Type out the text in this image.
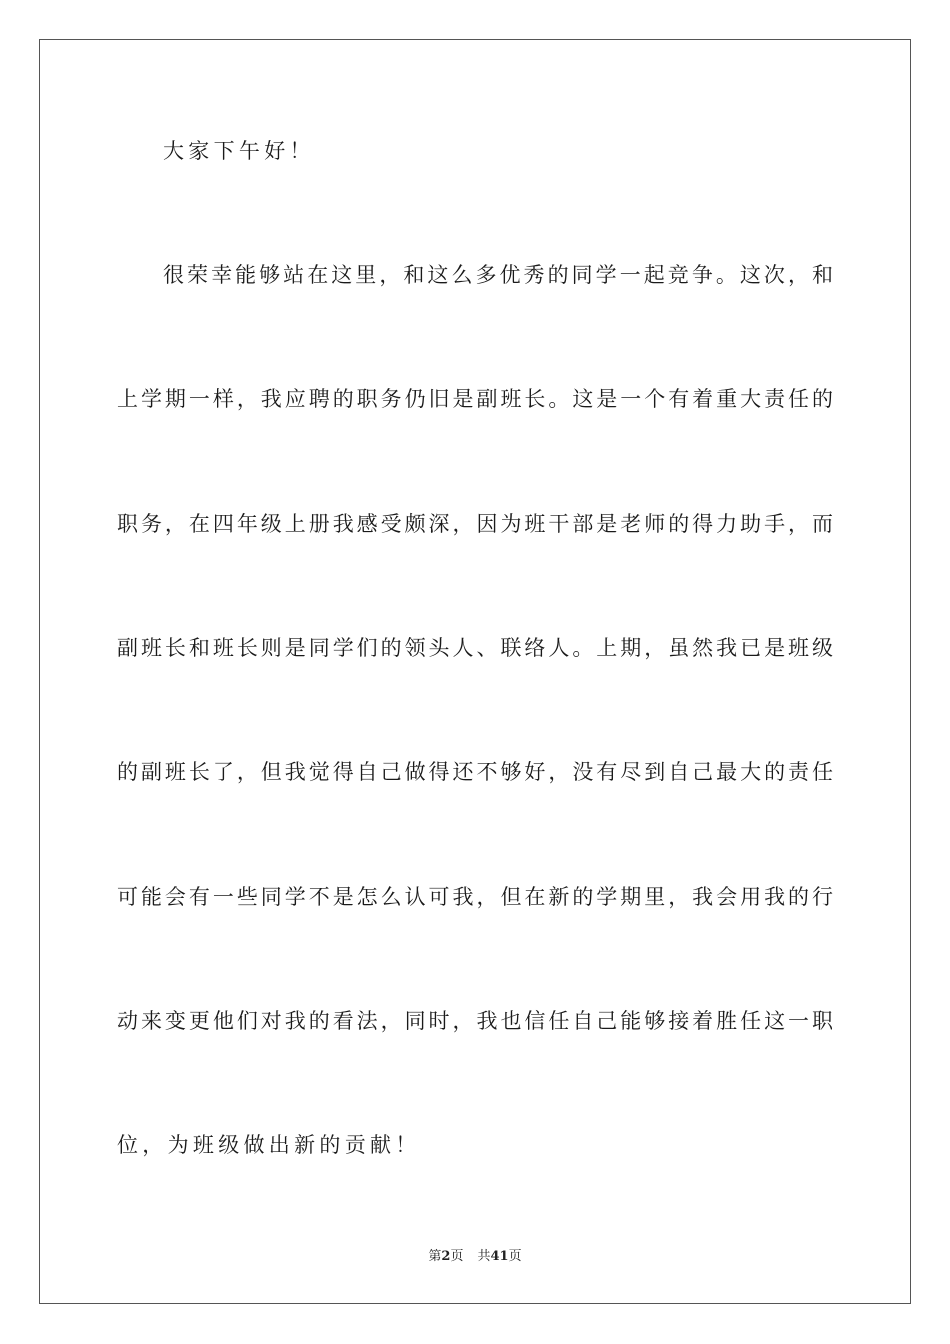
大家下午好！
很荣幸能够站在这里，和这么多优秀的同学一起竞争。这次，和
上学期一样，我应聘的职务仍旧是副班长。这是一个有着重大责任的
职务，在四年级上册我感受颇深，因为班干部是老师的得力助手，而
副班长和班长则是同学们的领头人、联络人。上期，虽然我已是班级
的副班长了，但我觉得自己做得还不够好，没有尽到自己最大的责任
可能会有一些同学不是怎么认可我，但在新的学期里，我会用我的行
动来变更他们对我的看法，同时，我也信任自己能够接着胜任这一职
位，为班级做出新的贡献！
第2页 共41页
